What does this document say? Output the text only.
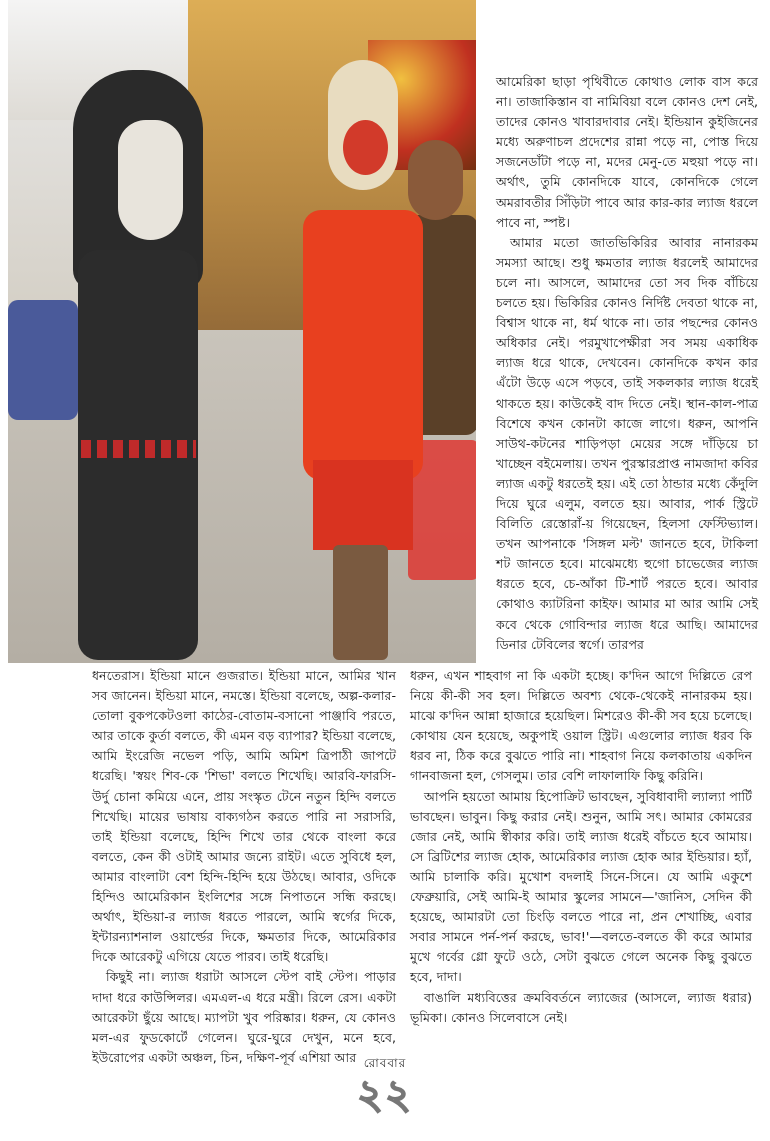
আমেরিকা ছাড়া পৃথিবীতে কোথাও লোক বাস করে না। তাজাকিস্তান বা নামিবিয়া বলে কোনও দেশ নেই, তাদের কোনও খাবারদাবার নেই। ইন্ডিয়ান কুইজিনের মধ্যে অরুণাচল প্রদেশের রান্না পড়ে না, পোস্ত দিয়ে সজনেডাঁটা পড়ে না, মদের মেনু-তে মহুয়া পড়ে না। অর্থাৎ, তুমি কোনদিকে যাবে, কোনদিকে গেলে অমরাবতীর সিঁড়িটা পাবে আর কার-কার ল্যাজ ধরলে পাবে না, স্পষ্ট।

আমার মতো জাতভিকিরির আবার নানারকম সমস্যা আছে। শুধু ক্ষমতার ল্যাজ ধরলেই আমাদের চলে না। আসলে, আমাদের তো সব দিক বাঁচিয়ে চলতে হয়। ভিকিরির কোনও নির্দিষ্ট দেবতা থাকে না, বিশ্বাস থাকে না, ধর্ম থাকে না। তার পছন্দের কোনও অধিকার নেই। পরমুখাপেক্ষীরা সব সময় একাধিক ল্যাজ ধরে থাকে, দেখবেন। কোনদিকে কখন কার এঁটো উড়ে এসে পড়বে, তাই সকলকার ল্যাজ ধরেই থাকতে হয়। কাউকেই বাদ দিতে নেই। স্থান-কাল-পাত্র বিশেষে কখন কোনটা কাজে লাগে। ধরুন, আপনি সাউথ-কটনের শাড়িপড়া মেয়ের সঙ্গে দাঁড়িয়ে চা খাচ্ছেন বইমেলায়। তখন পুরস্কারপ্রাপ্ত নামজাদা কবির ল্যাজ একটু ধরতেই হয়। এই তো ঠান্ডার মধ্যে কেঁদুলি দিয়ে ঘুরে এলুম, বলতে হয়। আবার, পার্ক স্ট্রিটে বিলিতি রেস্তোরাঁ-য় গিয়েছেন, হিলসা ফেস্টিভ্যাল। তখন আপনাকে 'সিঙ্গল মল্ট' জানতে হবে, টাকিলা শট জানতে হবে। মাঝেমধ্যে হুগো চাভেজের ল্যাজ ধরতে হবে, চে-আঁকা টি-শার্ট পরতে হবে। আবার কোথাও ক্যাটরিনা কাইফ। আমার মা আর আমি সেই কবে থেকে গোবিন্দার ল্যাজ ধরে আছি। আমাদের ডিনার টেবিলের স্বর্গে। তারপর

ধনতেরাস। ইন্ডিয়া মানে গুজরাত। ইন্ডিয়া মানে, আমির খান সব জানেন। ইন্ডিয়া মানে, নমস্তে। ইন্ডিয়া বলেছে, অল্প-কলার-তোলা বুকপকেটওলা কাঠের-বোতাম-বসানো পাঞ্জাবি পরতে, আর তাকে কুর্তা বলতে, কী এমন বড় ব্যাপার? ইন্ডিয়া বলেছে, আমি ইংরেজি নভেল পড়ি, আমি অমিশ ত্রিপাঠী জাপটে ধরেছি। 'স্বয়ং শিব-কে 'শিভা' বলতে শিখেছি। আরবি-ফারসি-উর্দু চোনা কমিয়ে এনে, প্রায় সংস্কৃত টেনে নতুন হিন্দি বলতে শিখেছি। মায়ের ভাষায় বাক্যগঠন করতে পারি না সরাসরি, তাই ইন্ডিয়া বলেছে, হিন্দি শিখে তার থেকে বাংলা করে বলতে, কেন কী ওটাই আমার জন্যে রাইট। এতে সুবিধে হল, আমার বাংলাটা বেশ হিন্দি-হিন্দি হয়ে উঠছে। আবার, ওদিকে হিন্দিও আমেরিকান ইংলিশের সঙ্গে নিপাতনে সন্ধি করছে। অর্থাৎ, ইন্ডিয়া-র ল্যাজ ধরতে পারলে, আমি স্বর্গের দিকে, ইন্টারন্যাশনাল ওয়ার্ল্ডের দিকে, ক্ষমতার দিকে, আমেরিকার দিকে আরেকটু এগিয়ে যেতে পারব। তাই ধরেছি।

কিছুই না। ল্যাজ ধরাটা আসলে স্টেপ বাই স্টেপ। পাড়ার দাদা ধরে কাউন্সিলর। এমএল-এ ধরে মন্ত্রী। রিলে রেস। একটা আরেকটা ছুঁয়ে আছে। ম্যাপটা খুব পরিষ্কার। ধরুন, যে কোনও মল-এর ফুডকোর্টে গেলেন। ঘুরে-ঘুরে দেখুন, মনে হবে, ইউরোপের একটা অঞ্চল, চিন, দক্ষিণ-পূর্ব এশিয়া আর

ধরুন, এখন শাহবাগ না কি একটা হচ্ছে। ক'দিন আগে দিল্লিতে রেপ নিয়ে কী-কী সব হল। দিল্লিতে অবশ্য থেকে-থেকেই নানারকম হয়। মাঝে ক'দিন আন্না হাজারে হয়েছিল। মিশরেও কী-কী সব হয়ে চলেছে। কোথায় যেন হয়েছে, অকুপাই ওয়াল স্ট্রিট। এগুলোর ল্যাজ ধরব কি ধরব না, ঠিক করে বুঝতে পারি না। শাহবাগ নিয়ে কলকাতায় একদিন গানবাজনা হল, গেসলুম। তার বেশি লাফালাফি কিছু করিনি।

আপনি হয়তো আমায় হিপোক্রিট ভাবছেন, সুবিধাবাদী ল্যাল্যা পার্টি ভাবছেন। ভাবুন। কিছু করার নেই। শুনুন, আমি সৎ। আমার কোমরের জোর নেই, আমি স্বীকার করি। তাই ল্যাজ ধরেই বাঁচতে হবে আমায়। সে ব্রিটিশের ল্যাজ হোক, আমেরিকার ল্যাজ হোক আর ইন্ডিয়ার। হ্যাঁ, আমি চালাকি করি। মুখোশ বদলাই সিনে-সিনে। যে আমি একুশে ফেব্রুয়ারি, সেই আমি-ই আমার স্কুলের সামনে—'জানিস, সেদিন কী হয়েছে, আমারটা তো চিংড়ি বলতে পারে না, প্রন শেখাচ্ছি, এবার সবার সামনে পর্ন-পর্ন করছে, ভাব!'—বলতে-বলতে কী করে আমার মুখে গর্বের গ্লো ফুটে ওঠে, সেটা বুঝতে গেলে অনেক কিছু বুঝতে হবে, দাদা।

বাঙালি মধ্যবিত্তের ক্রমবিবর্তনে ল্যাজের (আসলে, ল্যাজ ধরার) ভূমিকা। কোনও সিলেবাসে নেই।

রোববার
২২
